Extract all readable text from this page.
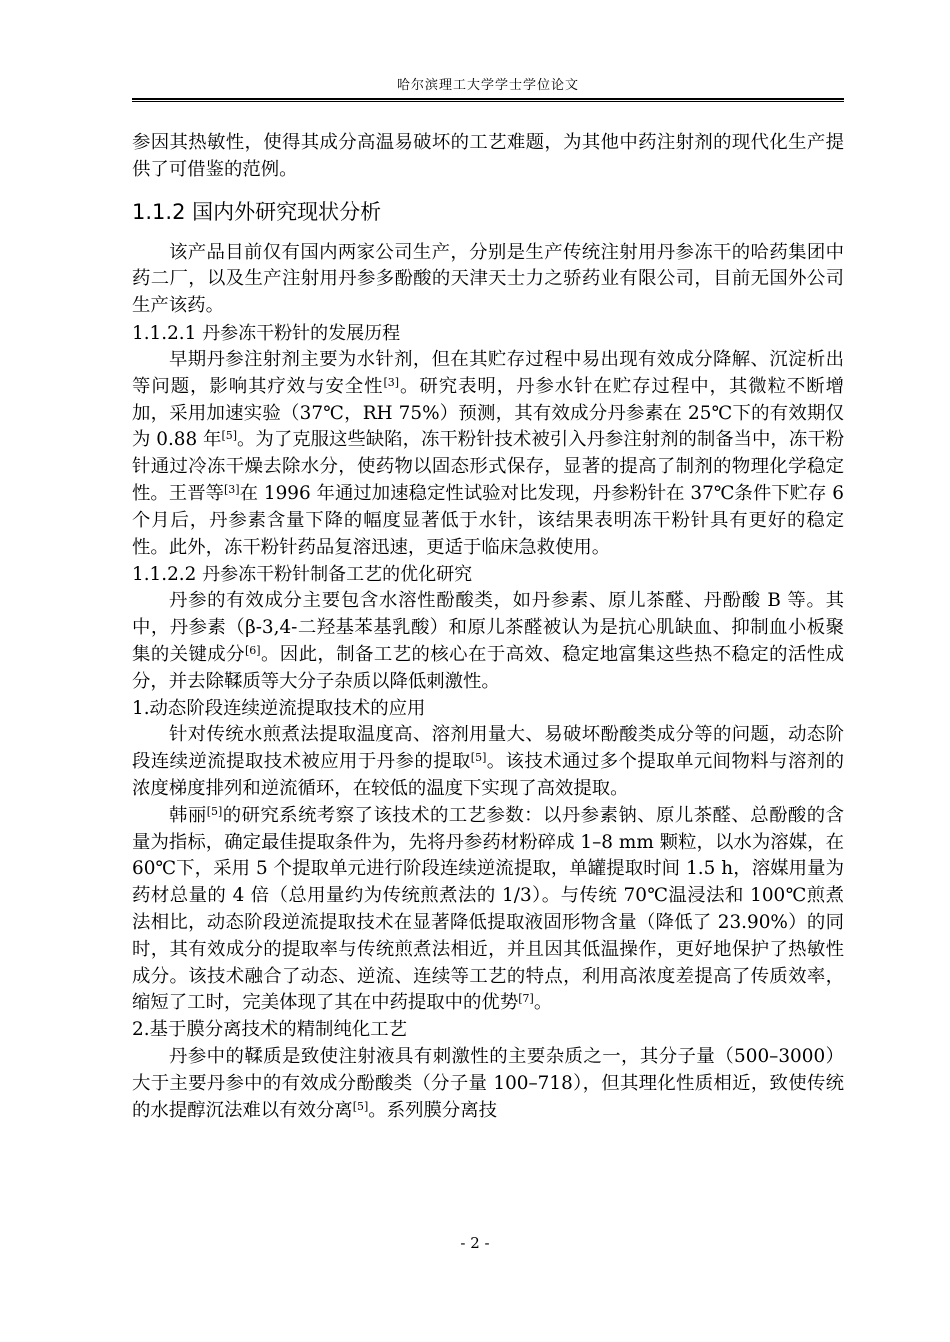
哈尔滨理工大学学士学位论文

参因其热敏性，使得其成分高温易破坏的工艺难题，为其他中药注射剂的现代化生产提供了可借鉴的范例。

1.1.2 国内外研究现状分析

该产品目前仅有国内两家公司生产，分别是生产传统注射用丹参冻干的哈药集团中药二厂，以及生产注射用丹参多酚酸的天津天士力之骄药业有限公司，目前无国外公司生产该药。

1.1.2.1 丹参冻干粉针的发展历程

早期丹参注射剂主要为水针剂，但在其贮存过程中易出现有效成分降解、沉淀析出等问题，影响其疗效与安全性[3]。研究表明，丹参水针在贮存过程中，其微粒不断增加，采用加速实验（37℃，RH 75%）预测，其有效成分丹参素在 25℃下的有效期仅为 0.88 年[5]。为了克服这些缺陷，冻干粉针技术被引入丹参注射剂的制备当中，冻干粉针通过冷冻干燥去除水分，使药物以固态形式保存，显著的提高了制剂的物理化学稳定性。王晋等[3]在 1996 年通过加速稳定性试验对比发现，丹参粉针在 37℃条件下贮存 6 个月后，丹参素含量下降的幅度显著低于水针，该结果表明冻干粉针具有更好的稳定性。此外，冻干粉针药品复溶迅速，更适于临床急救使用。

1.1.2.2 丹参冻干粉针制备工艺的优化研究

丹参的有效成分主要包含水溶性酚酸类，如丹参素、原儿茶醛、丹酚酸 B 等。其中，丹参素（β-3,4-二羟基苯基乳酸）和原儿茶醛被认为是抗心肌缺血、抑制血小板聚集的关键成分[6]。因此，制备工艺的核心在于高效、稳定地富集这些热不稳定的活性成分，并去除鞣质等大分子杂质以降低刺激性。

1.动态阶段连续逆流提取技术的应用

针对传统水煎煮法提取温度高、溶剂用量大、易破坏酚酸类成分等的问题，动态阶段连续逆流提取技术被应用于丹参的提取[5]。该技术通过多个提取单元间物料与溶剂的浓度梯度排列和逆流循环，在较低的温度下实现了高效提取。

韩丽[5]的研究系统考察了该技术的工艺参数：以丹参素钠、原儿茶醛、总酚酸的含量为指标，确定最佳提取条件为，先将丹参药材粉碎成 1–8 mm 颗粒，以水为溶媒，在 60℃下，采用 5 个提取单元进行阶段连续逆流提取，单罐提取时间 1.5 h，溶媒用量为药材总量的 4 倍（总用量约为传统煎煮法的 1/3）。与传统 70℃温浸法和 100℃煎煮法相比，动态阶段逆流提取技术在显著降低提取液固形物含量（降低了 23.90%）的同时，其有效成分的提取率与传统煎煮法相近，并且因其低温操作，更好地保护了热敏性成分。该技术融合了动态、逆流、连续等工艺的特点，利用高浓度差提高了传质效率，缩短了工时，完美体现了其在中药提取中的优势[7]。

2.基于膜分离技术的精制纯化工艺

丹参中的鞣质是致使注射液具有刺激性的主要杂质之一，其分子量（500–3000）大于主要丹参中的有效成分酚酸类（分子量 100–718），但其理化性质相近，致使传统的水提醇沉法难以有效分离[5]。系列膜分离技

- 2 -
